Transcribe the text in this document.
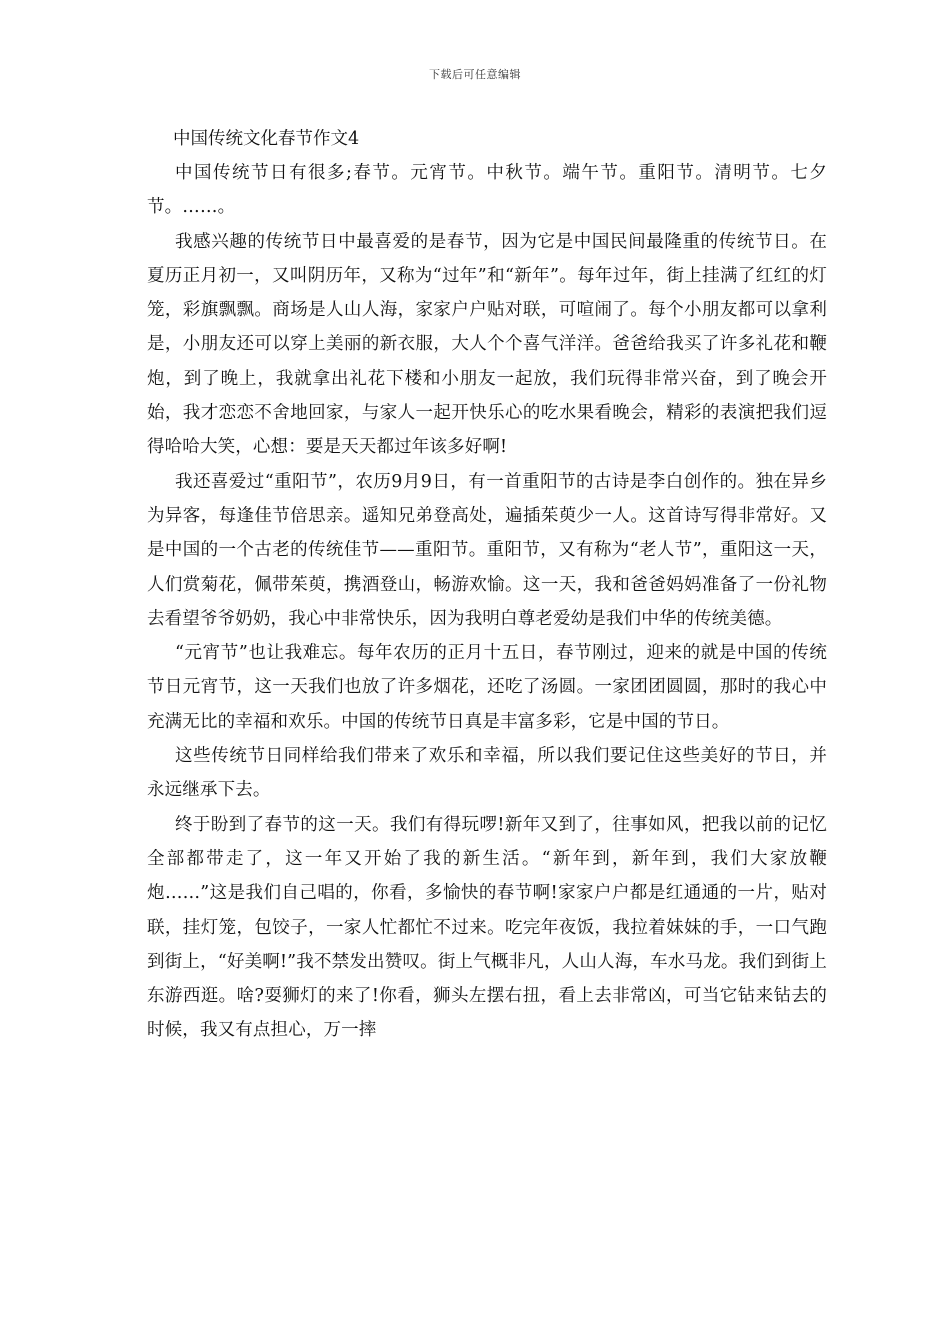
下载后可任意编辑
中国传统文化春节作文4

中国传统节日有很多;春节。元宵节。中秋节。端午节。重阳节。清明节。七夕节。……。

我感兴趣的传统节日中最喜爱的是春节，因为它是中国民间最隆重的传统节日。在夏历正月初一，又叫阴历年，又称为“过年”和“新年”。每年过年，街上挂满了红红的灯笼，彩旗飘飘。商场是人山人海，家家户户贴对联，可喧闹了。每个小朋友都可以拿利是，小朋友还可以穿上美丽的新衣服，大人个个喜气洋洋。爸爸给我买了许多礼花和鞭炮，到了晚上，我就拿出礼花下楼和小朋友一起放，我们玩得非常兴奋，到了晚会开始，我才恋恋不舍地回家，与家人一起开快乐心的吃水果看晚会，精彩的表演把我们逗得哈哈大笑，心想：要是天天都过年该多好啊!

我还喜爱过“重阳节”，农历9月9日，有一首重阳节的古诗是李白创作的。独在异乡为异客，每逢佳节倍思亲。遥知兄弟登高处，遍插茱萸少一人。这首诗写得非常好。又是中国的一个古老的传统佳节——重阳节。重阳节，又有称为“老人节”，重阳这一天，人们赏菊花，佩带茱萸，携酒登山，畅游欢愉。这一天，我和爸爸妈妈准备了一份礼物去看望爷爷奶奶，我心中非常快乐，因为我明白尊老爱幼是我们中华的传统美德。

“元宵节”也让我难忘。每年农历的正月十五日，春节刚过，迎来的就是中国的传统节日元宵节，这一天我们也放了许多烟花，还吃了汤圆。一家团团圆圆，那时的我心中充满无比的幸福和欢乐。中国的传统节日真是丰富多彩，它是中国的节日。

这些传统节日同样给我们带来了欢乐和幸福，所以我们要记住这些美好的节日，并永远继承下去。

终于盼到了春节的这一天。我们有得玩啰!新年又到了，往事如风，把我以前的记忆全部都带走了，这一年又开始了我的新生活。“新年到，新年到，我们大家放鞭炮……”这是我们自己唱的，你看，多愉快的春节啊!家家户户都是红通通的一片，贴对联，挂灯笼，包饺子，一家人忙都忙不过来。吃完年夜饭，我拉着妹妹的手，一口气跑到街上，“好美啊!”我不禁发出赞叹。街上气概非凡，人山人海，车水马龙。我们到街上东游西逛。啥?耍狮灯的来了!你看，狮头左摆右扭，看上去非常凶，可当它钻来钻去的时候，我又有点担心，万一摔
